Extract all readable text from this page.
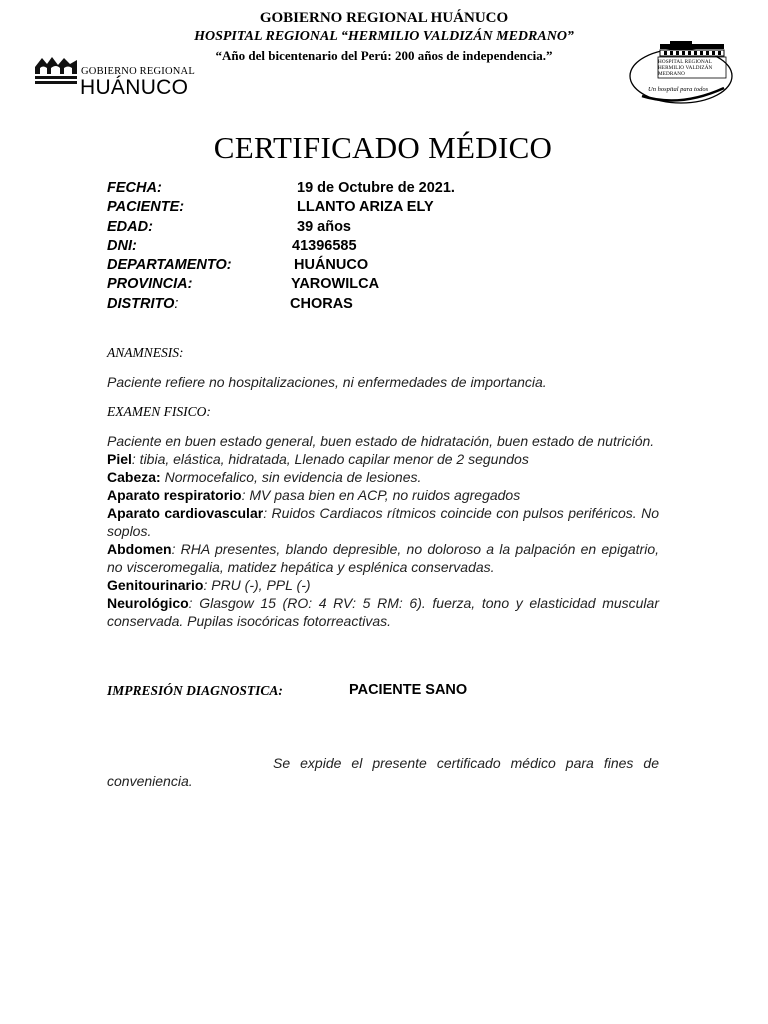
GOBIERNO REGIONAL HUÁNUCO
HOSPITAL REGIONAL “HERMILIO VALDIZÁN MEDRANO”
“Año del bicentenario del Perú: 200 años de independencia.”
GOBIERNO REGIONAL
HUÁNUCO
HOSPITAL REGIONAL
HERMILIO VALDIZÁN
MEDRANO
Un hospital para todos
CERTIFICADO MÉDICO
FECHA:	19 de Octubre de 2021.
PACIENTE:	LLANTO ARIZA ELY
EDAD:	39 años
DNI:	41396585
DEPARTAMENTO:	HUÁNUCO
PROVINCIA:	YAROWILCA
DISTRITO:	CHORAS
ANAMNESIS:
Paciente refiere no hospitalizaciones, ni enfermedades de importancia.
EXAMEN FISICO:

Paciente en buen estado general, buen estado de hidratación, buen estado de nutrición.

Piel: tibia, elástica, hidratada, Llenado capilar menor de 2 segundos

Cabeza: Normocefalico, sin evidencia de lesiones.

Aparato respiratorio: MV pasa bien en ACP, no ruidos agregados

Aparato cardiovascular: Ruidos Cardiacos rítmicos coincide con pulsos periféricos. No soplos.

Abdomen: RHA presentes, blando depresible, no doloroso a la palpación en epigatrio, no visceromegalia, matidez hepática y esplénica conservadas.

Genitourinario: PRU (-), PPL (-)

Neurológico: Glasgow 15 (RO: 4 RV: 5 RM: 6). fuerza, tono y elasticidad muscular conservada. Pupilas isocóricas fotorreactivas.

IMPRESIÓN DIAGNOSTICA:	PACIENTE SANO
Se expide el presente certificado médico para fines de conveniencia.
